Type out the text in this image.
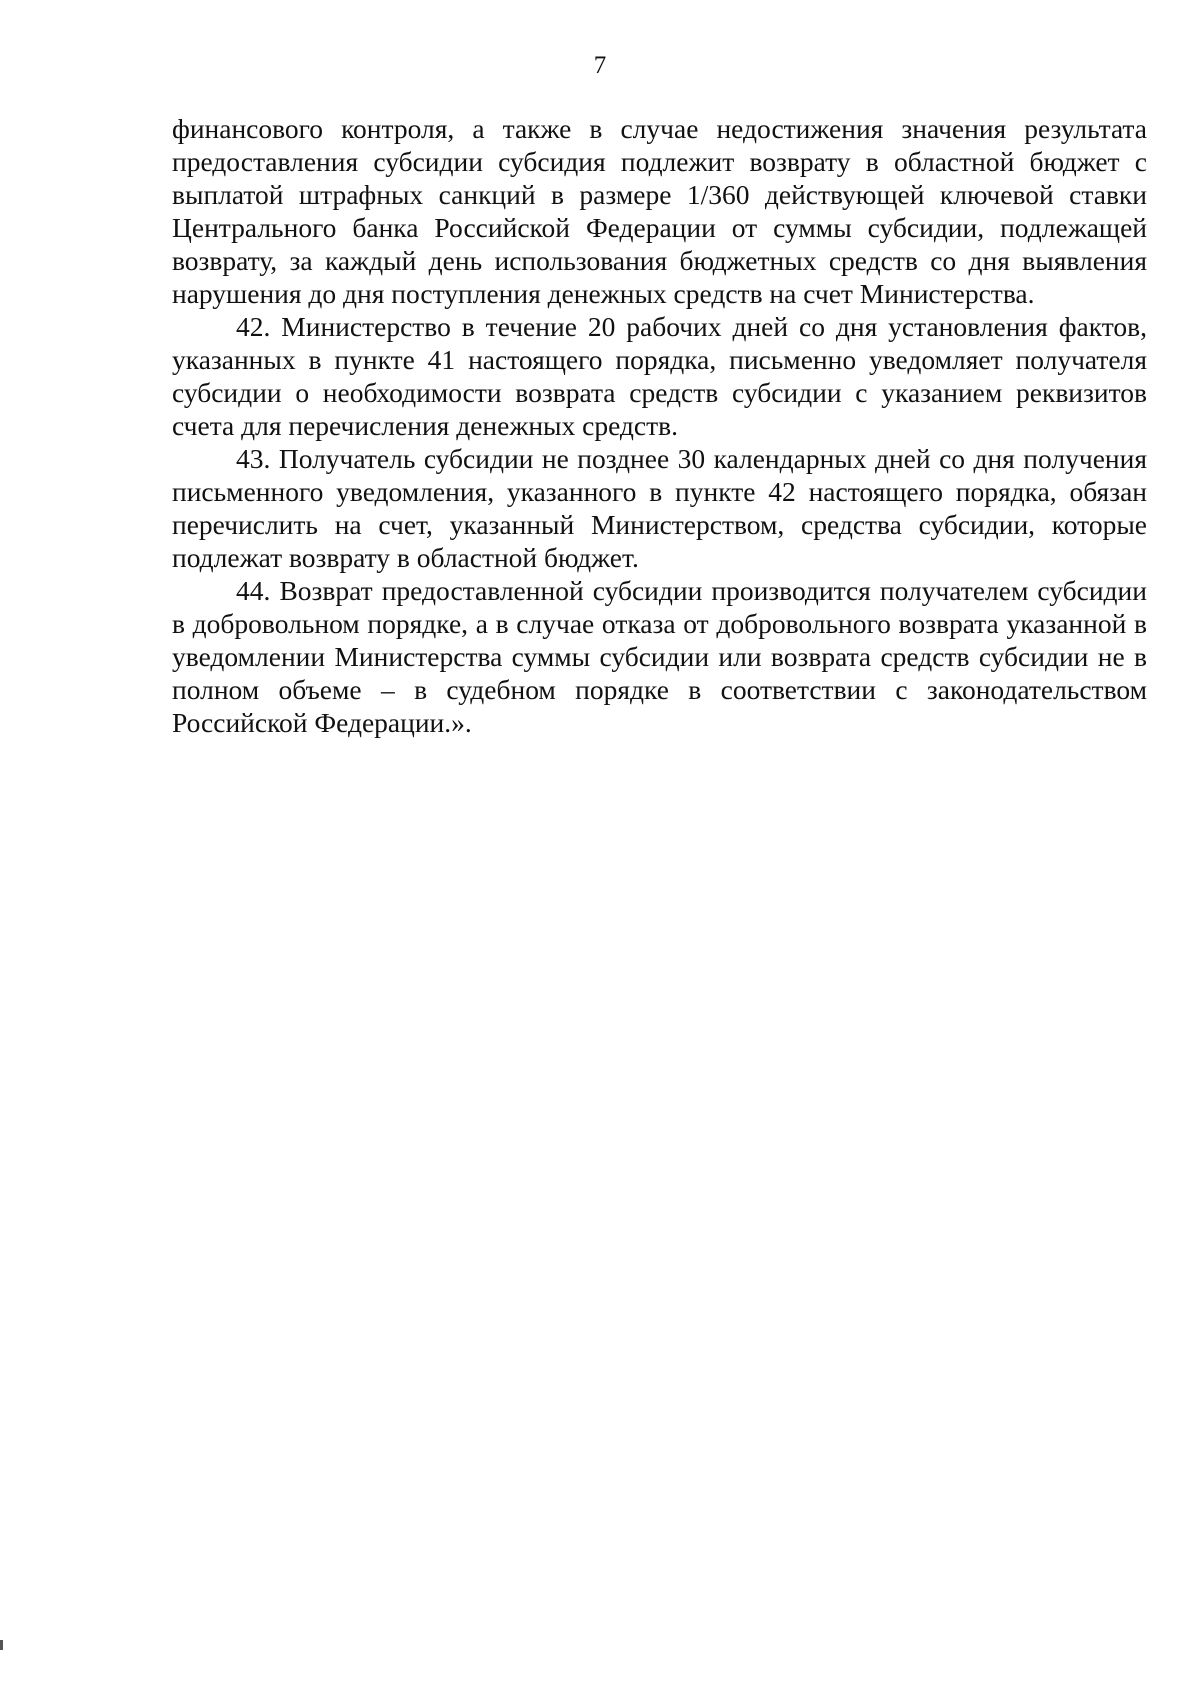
7

финансового контроля, а также в случае недостижения значения результата предоставления субсидии субсидия подлежит возврату в областной бюджет с выплатой штрафных санкций в размере 1/360 действующей ключевой ставки Центрального банка Российской Федерации от суммы субсидии, подлежащей возврату, за каждый день использования бюджетных средств со дня выявления нарушения до дня поступления денежных средств на счет Министерства.

42. Министерство в течение 20 рабочих дней со дня установления фактов, указанных в пункте 41 настоящего порядка, письменно уведомляет получателя субсидии о необходимости возврата средств субсидии с указанием реквизитов счета для перечисления денежных средств.

43. Получатель субсидии не позднее 30 календарных дней со дня получения письменного уведомления, указанного в пункте 42 настоящего порядка, обязан перечислить на счет, указанный Министерством, средства субсидии, которые подлежат возврату в областной бюджет.

44. Возврат предоставленной субсидии производится получателем субсидии в добровольном порядке, а в случае отказа от добровольного возврата указанной в уведомлении Министерства суммы субсидии или возврата средств субсидии не в полном объеме – в судебном порядке в соответствии с законодательством Российской Федерации.».
